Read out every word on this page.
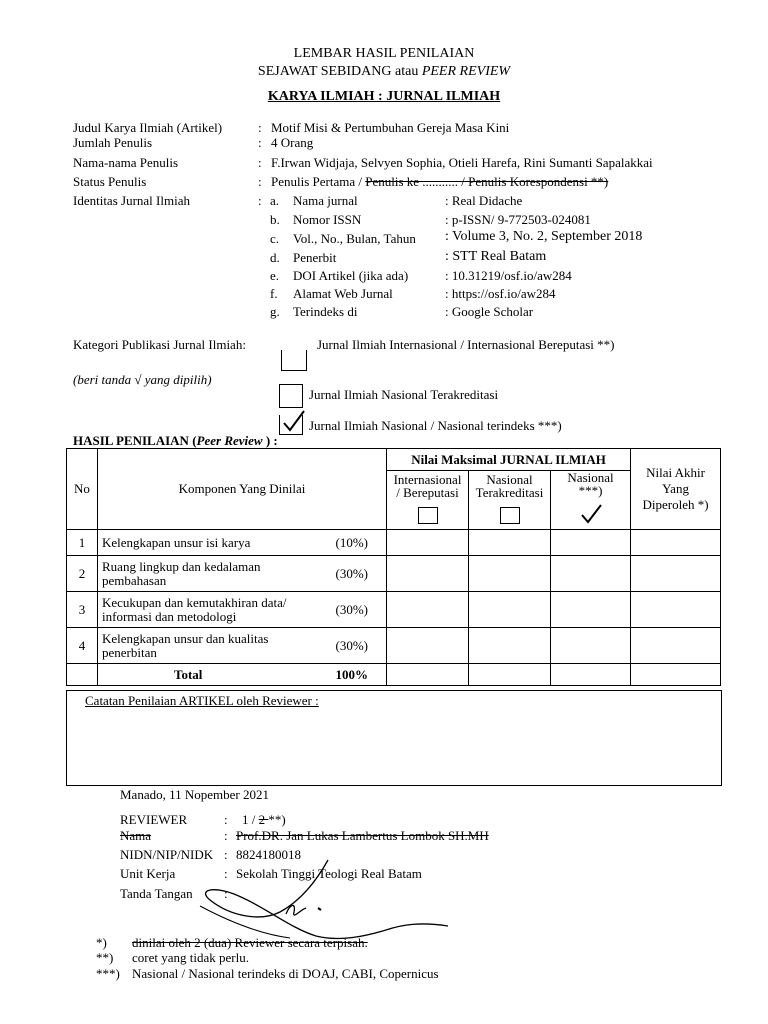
LEMBAR HASIL PENILAIAN
SEJAWAT SEBIDANG atau PEER REVIEW
KARYA ILMIAH : JURNAL ILMIAH
Judul Karya Ilmiah (Artikel)	: Motif Misi & Pertumbuhan Gereja Masa Kini
Jumlah Penulis	: 4 Orang
Nama-nama Penulis	: F.Irwan Widjaja, Selvyen Sophia, Otieli Harefa, Rini Sumanti Sapalakkai
Status Penulis	: Penulis Pertama / Penulis ke ........... / Penulis Korespondensi **)
Identitas Jurnal Ilmiah	: a. Nama jurnal	: Real Didache
b. Nomor ISSN	: p-ISSN/ 9-772503-024081
c. Vol., No., Bulan, Tahun : Volume 3, No. 2, September 2018
d. Penerbit	: STT Real Batam
e. DOI Artikel (jika ada)	: 10.31219/osf.io/aw284
f. Alamat Web Jurnal	: https://osf.io/aw284
g. Terindeks di	: Google Scholar
Kategori Publikasi Jurnal Ilmiah:	Jurnal Ilmiah Internasional / Internasional Bereputasi **)
(beri tanda √ yang dipilih)
Jurnal Ilmiah Nasional Terakreditasi
Jurnal Ilmiah Nasional / Nasional terindeks ***)
HASIL PENILAIAN (Peer Review ) :
No	Komponen Yang Dinilai	Nilai Maksimal JURNAL ILMIAH			Nilai Akhir Yang Diperoleh *)

		Internasional / Bereputasi	Nasional Terakreditasi	Nasional ***)	

1	Kelengkapan unsur isi karya (10%)				

2	Ruang lingkup dan kedalaman pembahasan (30%)				

3	Kecukupan dan kemutakhiran data/ informasi dan metodologi (30%)				

4	Kelengkapan unsur dan kualitas penerbitan (30%)				

	Total 100%				

Catatan Penilaian ARTIKEL oleh Reviewer :
Manado, 11 Nopember 2021
REVIEWER	: 1 / 2 **)
Nama	: Prof.DR. Jan Lukas Lambertus Lombok SH.MH
NIDN/NIP/NIDK : 8824180018
Unit Kerja	: Sekolah Tinggi Teologi Real Batam
Tanda Tangan :
*) dinilai oleh 2 (dua) Reviewer secara terpisah.
**) coret yang tidak perlu.
***) Nasional / Nasional terindeks di DOAJ, CABI, Copernicus
